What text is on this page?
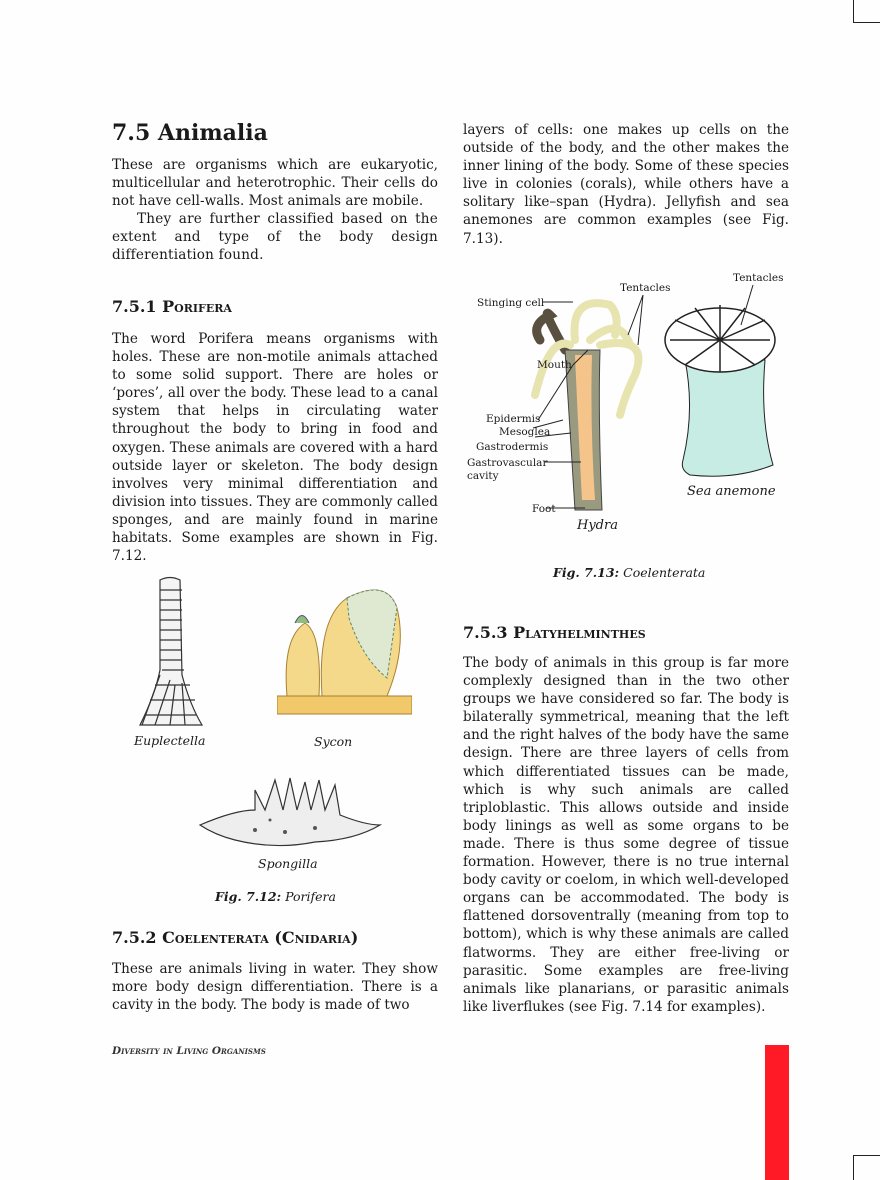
7.5 Animalia

These are organisms which are eukaryotic, multicellular and heterotrophic. Their cells do not have cell-walls. Most animals are mobile.

They are further classified based on the extent and type of the body design differentiation found.

7.5.1 Porifera

The word Porifera means organisms with holes. These are non-motile animals attached to some solid support. There are holes or ‘pores’, all over the body. These lead to a canal system that helps in circulating water throughout the body to bring in food and oxygen. These animals are covered with a hard outside layer or skeleton. The body design involves very minimal differentiation and division into tissues. They are commonly called sponges, and are mainly found in marine habitats. Some examples are shown in Fig. 7.12.

Euplectella	Sycon
Spongilla
Fig. 7.12: Porifera
7.5.2 Coelenterata (Cnidaria)

These are animals living in water. They show more body design differentiation. There is a cavity in the body. The body is made of two

layers of cells: one makes up cells on the outside of the body, and the other makes the inner lining of the body. Some of these species live in colonies (corals), while others have a solitary like–span (Hydra). Jellyfish and sea anemones are common examples (see Fig. 7.13).

Stinging cell
Tentacles
Tentacles
Mouth
Epidermis
Mesoglea
Gastrodermis
Gastrovascular
cavity
Foot
Hydra
Sea anemone
Fig. 7.13: Coelenterata
7.5.3 Platyhelminthes

The body of animals in this group is far more complexly designed than in the two other groups we have considered so far. The body is bilaterally symmetrical, meaning that the left and the right halves of the body have the same design. There are three layers of cells from which differentiated tissues can be made, which is why such animals are called triploblastic. This allows outside and inside body linings as well as some organs to be made. There is thus some degree of tissue formation. However, there is no true internal body cavity or coelom, in which well-developed organs can be accommodated. The body is flattened dorsoventrally (meaning from top to bottom), which is why these animals are called flatworms. They are either free-living or parasitic. Some examples are free-living animals like planarians, or parasitic animals like liverflukes (see Fig. 7.14 for examples).

Diversity in Living Organisms
